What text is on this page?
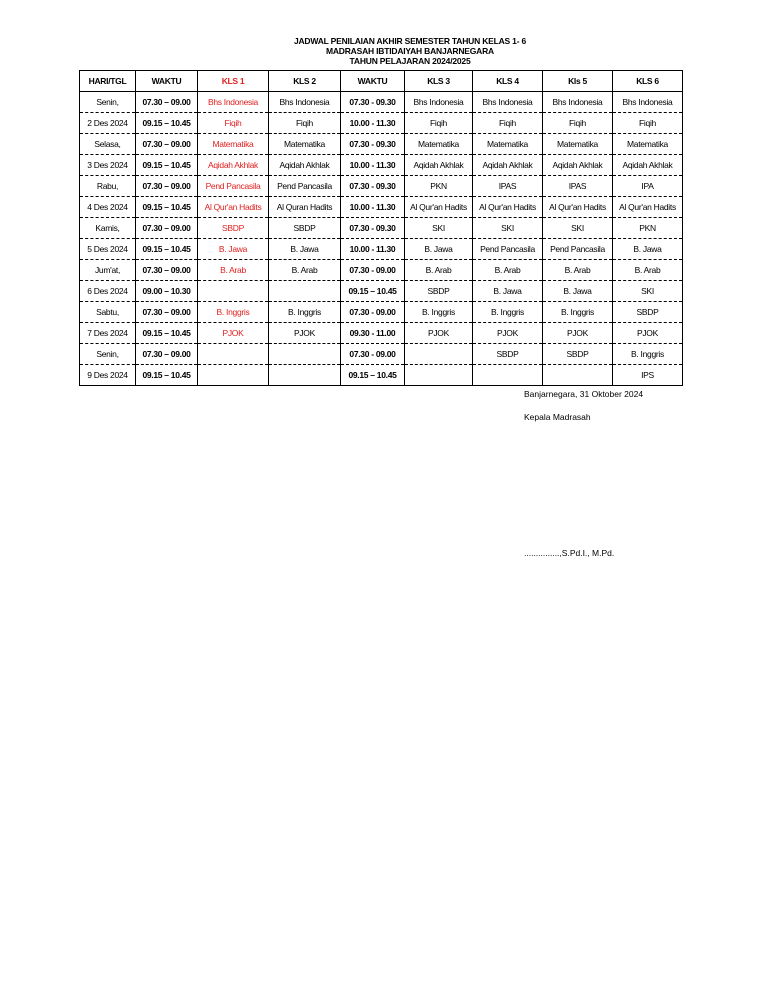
JADWAL PENILAIAN AKHIR SEMESTER TAHUN KELAS 1- 6
MADRASAH IBTIDAIYAH BANJARNEGARA
TAHUN PELAJARAN 2024/2025
HARI/TGL	WAKTU	KLS 1	KLS 2	WAKTU	KLS 3	KLS 4	Kls 5	KLS 6
Senin,	07.30 – 09.00	Bhs Indonesia	Bhs Indonesia	07.30 - 09.30	Bhs Indonesia	Bhs Indonesia	Bhs Indonesia	Bhs Indonesia
2 Des 2024	09.15 – 10.45	Fiqih	Fiqih	10.00 - 11.30	Fiqih	Fiqih	Fiqih	Fiqih
Selasa,	07.30 – 09.00	Matematika	Matematika	07.30 - 09.30	Matematika	Matematika	Matematika	Matematika
3 Des 2024	09.15 – 10.45	Aqidah Akhlak	Aqidah Akhlak	10.00 - 11.30	Aqidah Akhlak	Aqidah Akhlak	Aqidah Akhlak	Aqidah Akhlak
Rabu,	07.30 – 09.00	Pend Pancasila	Pend Pancasila	07.30 - 09.30	PKN	IPAS	IPAS	IPA
4 Des 2024	09.15 – 10.45	Al Qur'an Hadits	Al Quran Hadits	10.00 - 11.30	Al Qur'an Hadits	Al Qur'an Hadits	Al Qur'an Hadits	Al Qur'an Hadits
Kamis,	07.30 – 09.00	SBDP	SBDP	07.30 - 09.30	SKI	SKI	SKI	PKN
5 Des 2024	09.15 – 10.45	B. Jawa	B. Jawa	10.00 - 11.30	B. Jawa	Pend Pancasila	Pend Pancasila	B. Jawa
Jum'at,	07.30 – 09.00	B. Arab	B. Arab	07.30 - 09.00	B. Arab	B. Arab	B. Arab	B. Arab
6 Des 2024	09.00 – 10.30			09.15 – 10.45	SBDP	B. Jawa	B. Jawa	SKI
Sabtu,	07.30 – 09.00	B. Inggris	B. Inggris	07.30 - 09.00	B. Inggris	B. Inggris	B. Inggris	SBDP
7 Des 2024	09.15 – 10.45	PJOK	PJOK	09.30 - 11.00	PJOK	PJOK	PJOK	PJOK
Senin,	07.30 – 09.00			07.30 - 09.00		SBDP	SBDP	B. Inggris
9 Des 2024	09.15 – 10.45			09.15 – 10.45				IPS
Banjarnegara, 31 Oktober 2024
Kepala Madrasah
...............,S.Pd.I., M.Pd.
